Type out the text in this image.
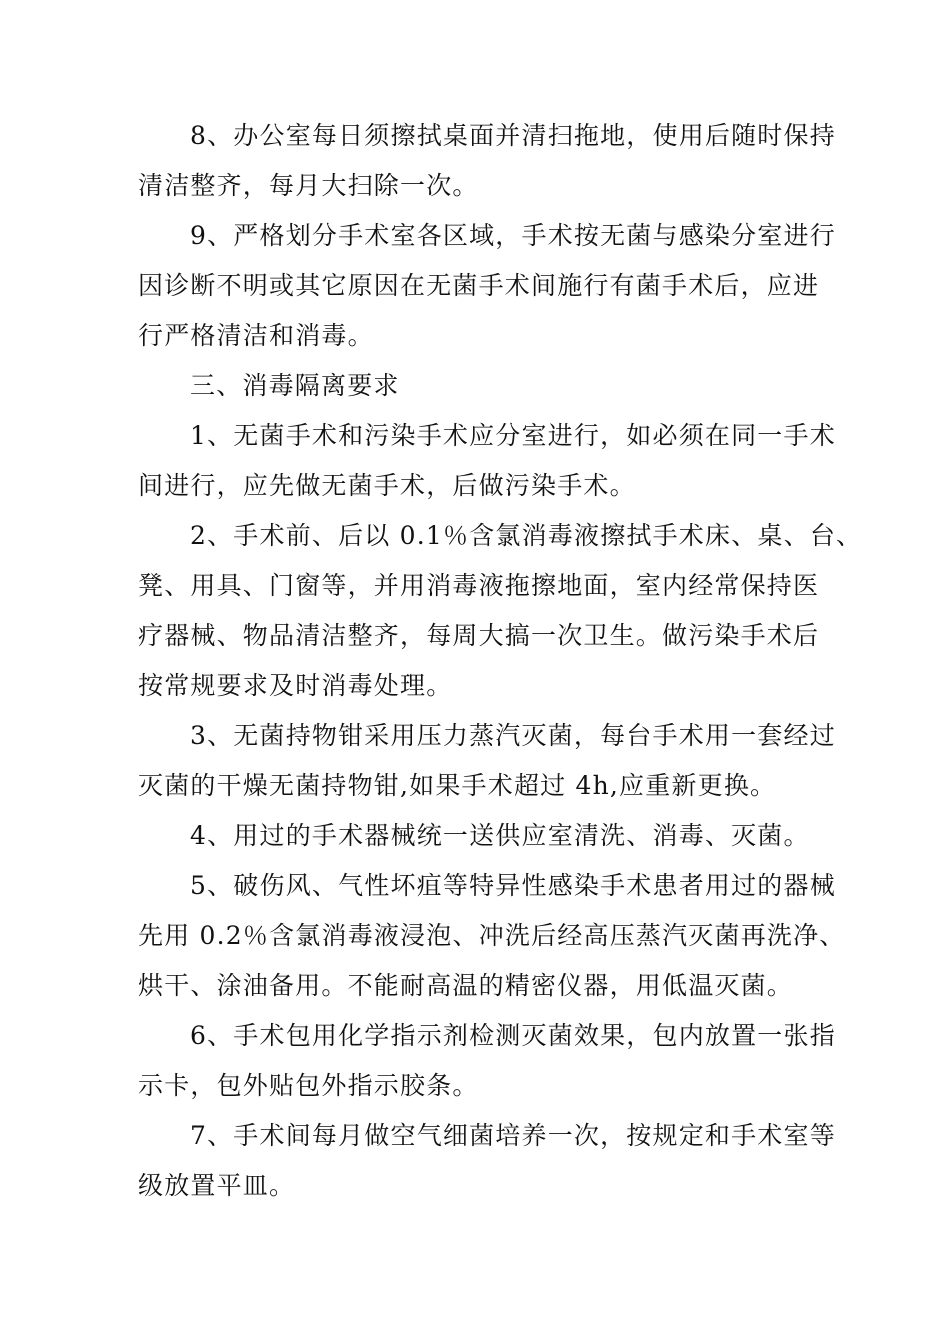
8、办公室每日须擦拭桌面并清扫拖地，使用后随时保持
清洁整齐，每月大扫除一次。

9、严格划分手术室各区域，手术按无菌与感染分室进行
因诊断不明或其它原因在无菌手术间施行有菌手术后，应进
行严格清洁和消毒。

三、消毒隔离要求

1、无菌手术和污染手术应分室进行，如必须在同一手术
间进行，应先做无菌手术，后做污染手术。

2、手术前、后以 0.1％含氯消毒液擦拭手术床、桌、台、
凳、用具、门窗等，并用消毒液拖擦地面，室内经常保持医
疗器械、物品清洁整齐，每周大搞一次卫生。做污染手术后
按常规要求及时消毒处理。

3、无菌持物钳采用压力蒸汽灭菌，每台手术用一套经过
灭菌的干燥无菌持物钳,如果手术超过 4h,应重新更换。

4、用过的手术器械统一送供应室清洗、消毒、灭菌。

5、破伤风、气性坏疽等特异性感染手术患者用过的器械
先用 0.2％含氯消毒液浸泡、冲洗后经高压蒸汽灭菌再洗净、
烘干、涂油备用。不能耐高温的精密仪器，用低温灭菌。

6、手术包用化学指示剂检测灭菌效果，包内放置一张指
示卡，包外贴包外指示胶条。

7、手术间每月做空气细菌培养一次，按规定和手术室等
级放置平皿。
